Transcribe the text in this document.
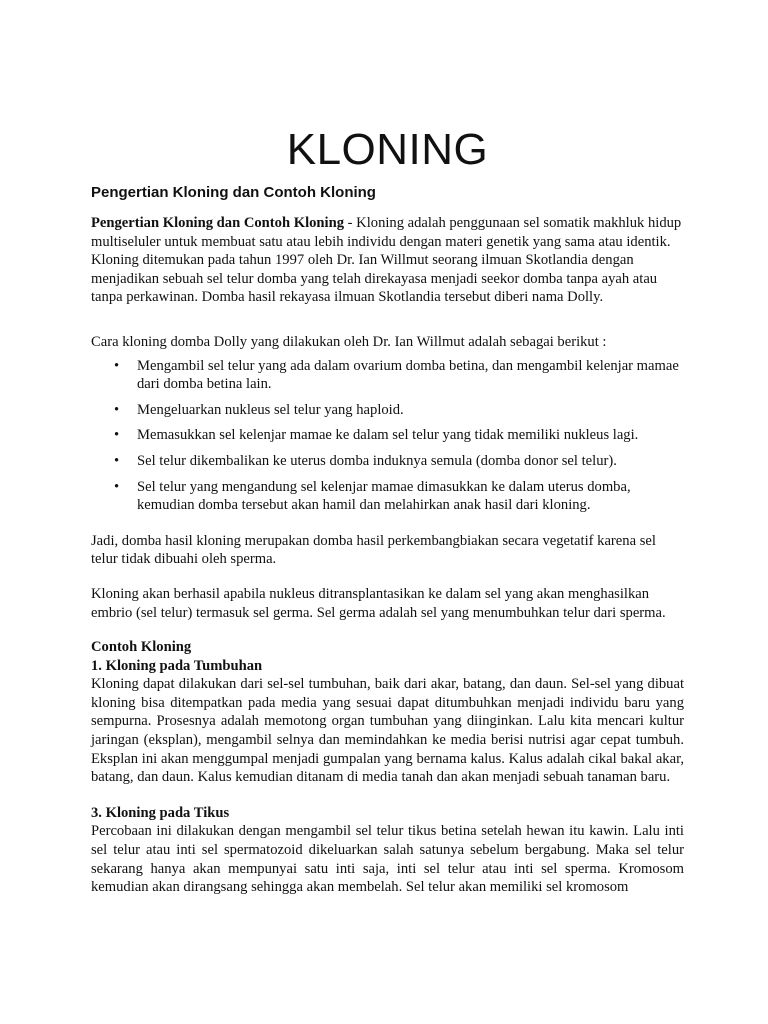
KLONING
Pengertian Kloning dan Contoh Kloning

Pengertian Kloning dan Contoh Kloning - Kloning adalah penggunaan sel somatik makhluk hidup multiseluler untuk membuat satu atau lebih individu dengan materi genetik yang sama atau identik. Kloning ditemukan pada tahun 1997 oleh Dr. Ian Willmut seorang ilmuan Skotlandia dengan menjadikan sebuah sel telur domba yang telah direkayasa menjadi seekor domba tanpa ayah atau tanpa perkawinan. Domba hasil rekayasa ilmuan Skotlandia tersebut diberi nama Dolly.

Cara kloning domba Dolly yang dilakukan oleh Dr. Ian Willmut adalah sebagai berikut :

• Mengambil sel telur yang ada dalam ovarium domba betina, dan mengambil kelenjar mamae dari domba betina lain.
• Mengeluarkan nukleus sel telur yang haploid.
• Memasukkan sel kelenjar mamae ke dalam sel telur yang tidak memiliki nukleus lagi.
• Sel telur dikembalikan ke uterus domba induknya semula (domba donor sel telur).
• Sel telur yang mengandung sel kelenjar mamae dimasukkan ke dalam uterus domba, kemudian domba tersebut akan hamil dan melahirkan anak hasil dari kloning.

Jadi, domba hasil kloning merupakan domba hasil perkembangbiakan secara vegetatif karena sel telur tidak dibuahi oleh sperma.

Kloning akan berhasil apabila nukleus ditransplantasikan ke dalam sel yang akan menghasilkan embrio (sel telur) termasuk sel germa. Sel germa adalah sel yang menumbuhkan telur dari sperma.

Contoh Kloning
1. Kloning pada Tumbuhan

Kloning dapat dilakukan dari sel-sel tumbuhan, baik dari akar, batang, dan daun. Sel-sel yang dibuat kloning bisa ditempatkan pada media yang sesuai dapat ditumbuhkan menjadi individu baru yang sempurna. Prosesnya adalah memotong organ tumbuhan yang diinginkan. Lalu kita mencari kultur jaringan (eksplan), mengambil selnya dan memindahkan ke media berisi nutrisi agar cepat tumbuh. Eksplan ini akan menggumpal menjadi gumpalan yang bernama kalus. Kalus adalah cikal bakal akar, batang, dan daun. Kalus kemudian ditanam di media tanah dan akan menjadi sebuah tanaman baru.

3. Kloning pada Tikus

Percobaan ini dilakukan dengan mengambil sel telur tikus betina setelah hewan itu kawin. Lalu inti sel telur atau inti sel spermatozoid dikeluarkan salah satunya sebelum bergabung. Maka sel telur sekarang hanya akan mempunyai satu inti saja, inti sel telur atau inti sel sperma. Kromosom kemudian akan dirangsang sehingga akan membelah. Sel telur akan memiliki sel kromosom
